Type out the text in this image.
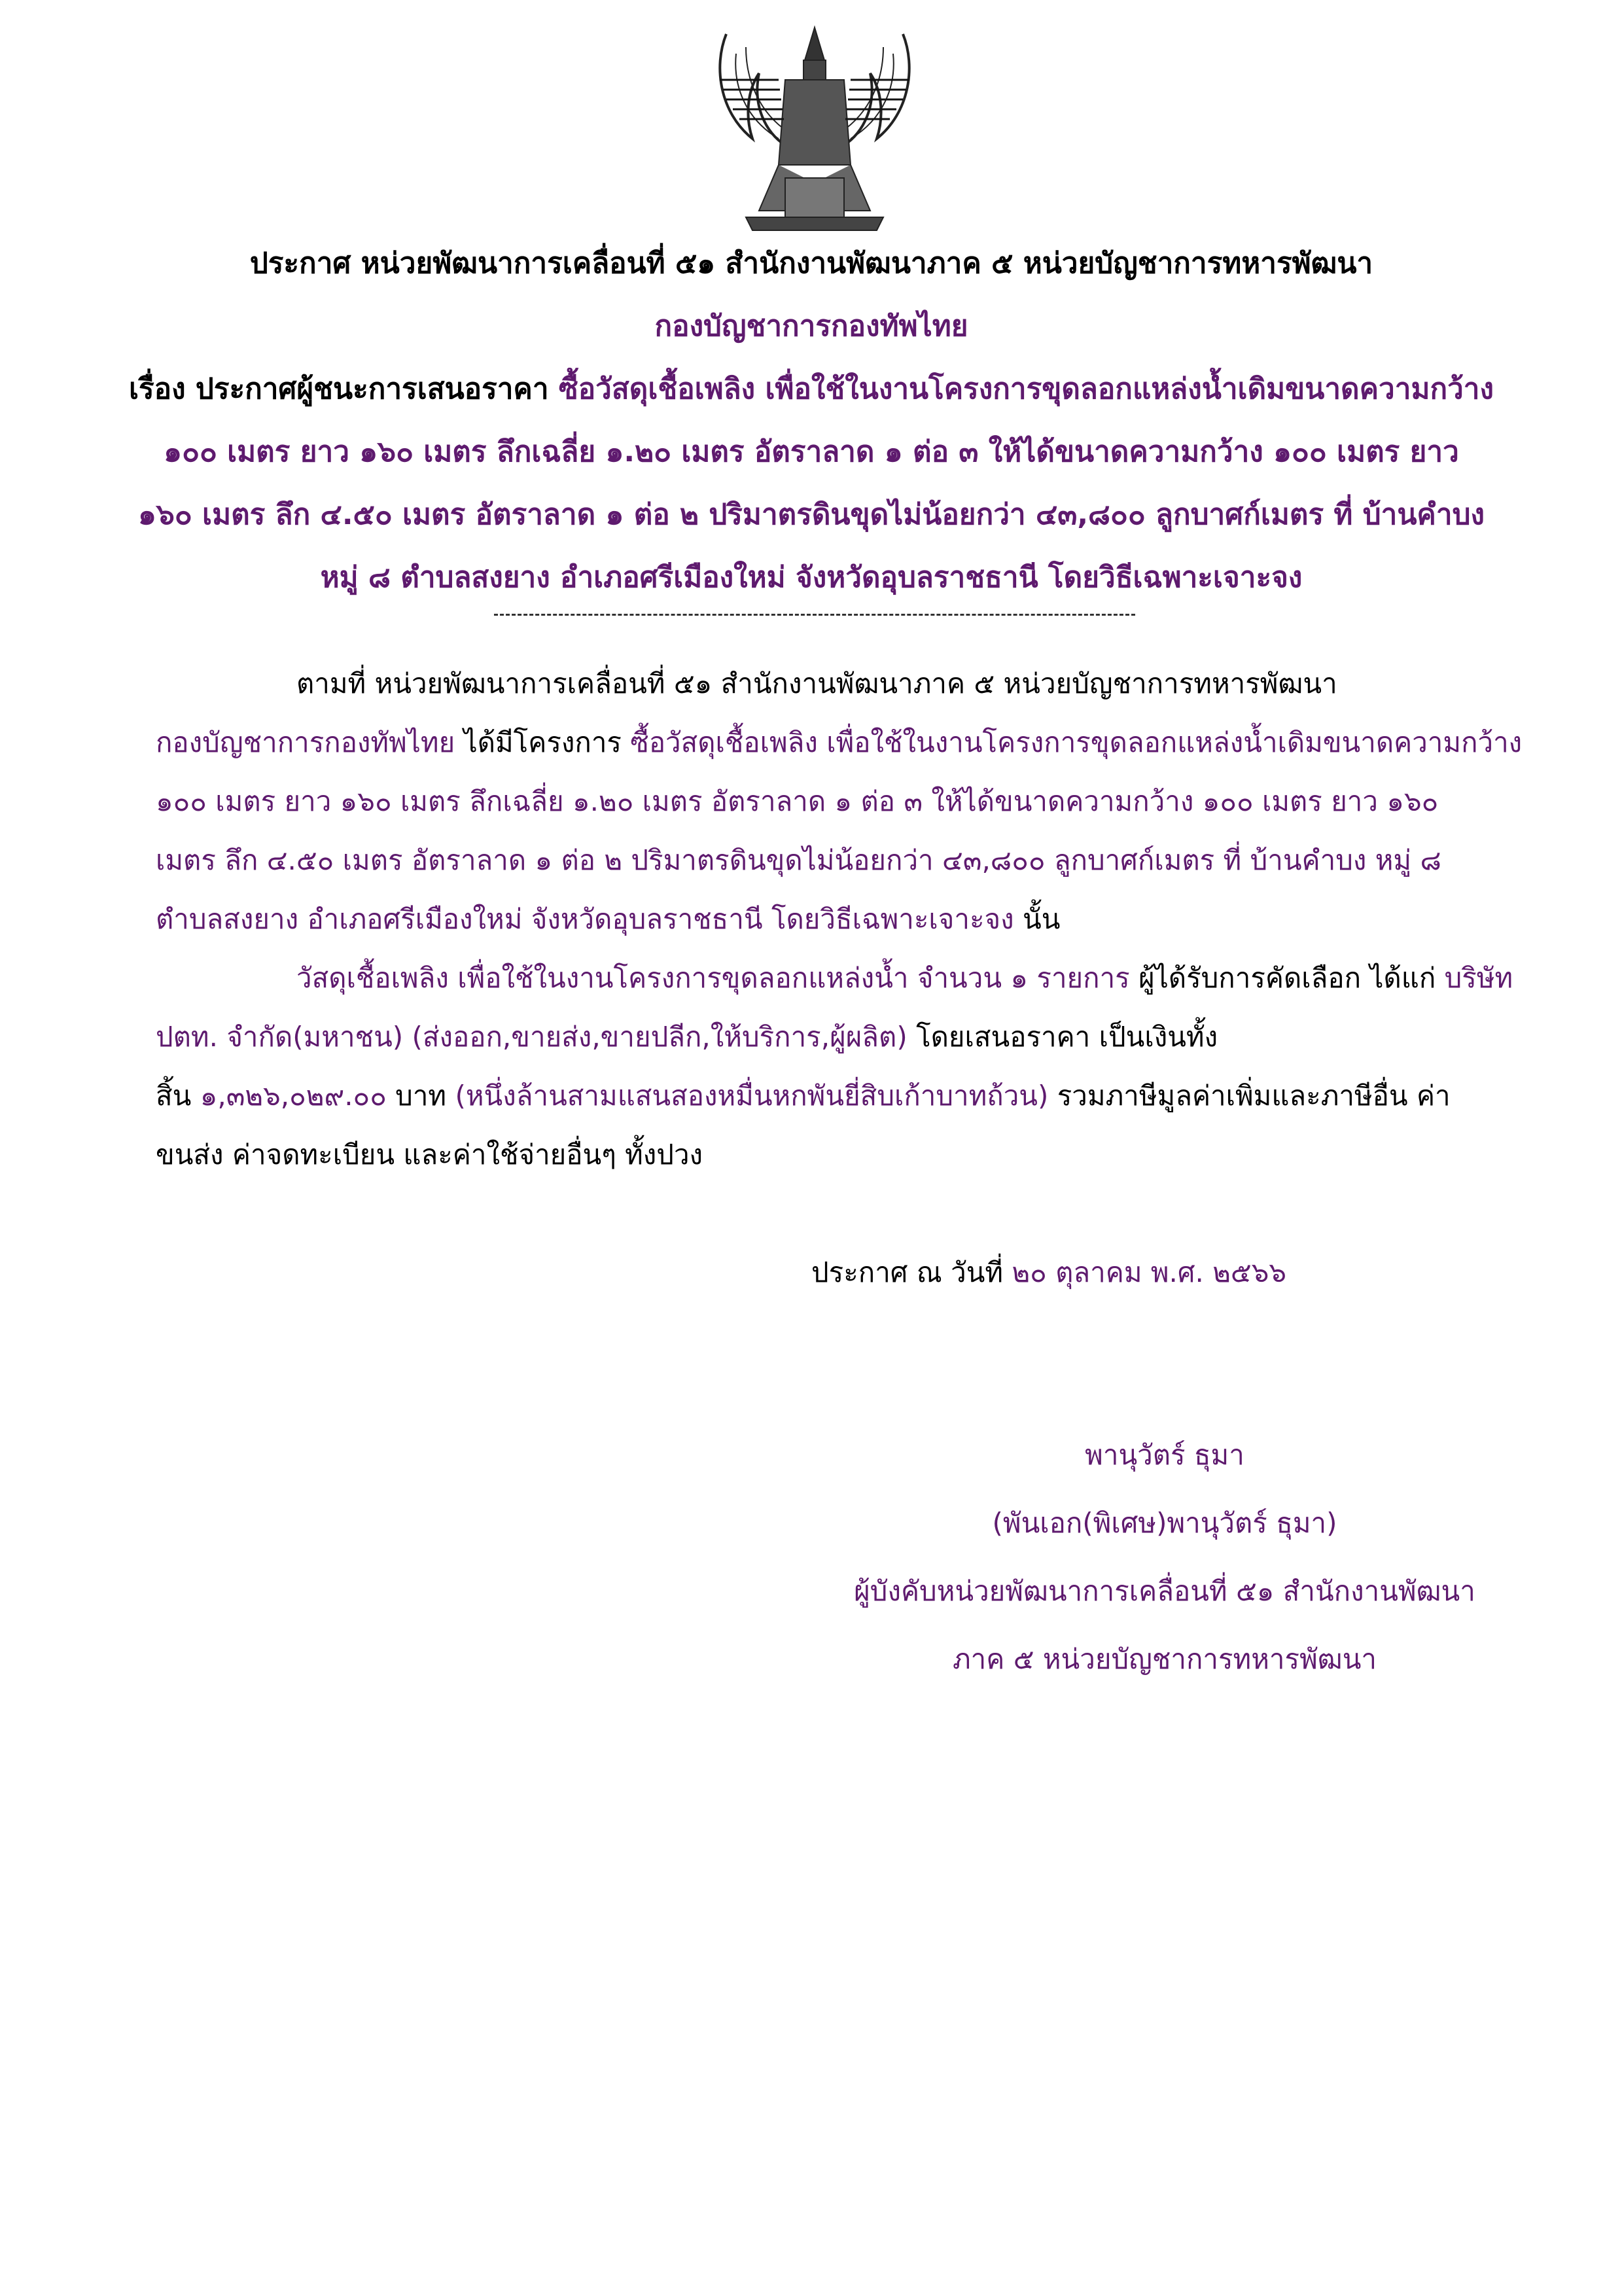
ประกาศ หน่วยพัฒนาการเคลื่อนที่ ๕๑ สำนักงานพัฒนาภาค ๕ หน่วยบัญชาการทหารพัฒนา

กองบัญชาการกองทัพไทย

เรื่อง ประกาศผู้ชนะการเสนอราคา ซื้อวัสดุเชื้อเพลิง เพื่อใช้ในงานโครงการขุดลอกแหล่งน้ำเดิมขนาดความกว้าง

๑๐๐ เมตร ยาว ๑๖๐ เมตร ลึกเฉลี่ย ๑.๒๐ เมตร อัตราลาด ๑ ต่อ ๓ ให้ได้ขนาดความกว้าง ๑๐๐ เมตร ยาว

๑๖๐ เมตร ลึก ๔.๕๐ เมตร อัตราลาด ๑ ต่อ ๒ ปริมาตรดินขุดไม่น้อยกว่า ๔๓,๘๐๐ ลูกบาศก์เมตร ที่ บ้านคำบง

หมู่ ๘ ตำบลสงยาง อำเภอศรีเมืองใหม่ จังหวัดอุบลราชธานี โดยวิธีเฉพาะเจาะจง

ตามที่ หน่วยพัฒนาการเคลื่อนที่ ๕๑ สำนักงานพัฒนาภาค ๕ หน่วยบัญชาการทหารพัฒนา

กองบัญชาการกองทัพไทย ได้มีโครงการ ซื้อวัสดุเชื้อเพลิง เพื่อใช้ในงานโครงการขุดลอกแหล่งน้ำเดิมขนาดความกว้าง

๑๐๐ เมตร ยาว ๑๖๐ เมตร ลึกเฉลี่ย ๑.๒๐ เมตร อัตราลาด ๑ ต่อ ๓ ให้ได้ขนาดความกว้าง ๑๐๐ เมตร ยาว ๑๖๐

เมตร ลึก ๔.๕๐ เมตร อัตราลาด ๑ ต่อ ๒ ปริมาตรดินขุดไม่น้อยกว่า ๔๓,๘๐๐ ลูกบาศก์เมตร ที่ บ้านคำบง หมู่ ๘

ตำบลสงยาง อำเภอศรีเมืองใหม่ จังหวัดอุบลราชธานี โดยวิธีเฉพาะเจาะจง นั้น

วัสดุเชื้อเพลิง เพื่อใช้ในงานโครงการขุดลอกแหล่งน้ำ จำนวน ๑ รายการ ผู้ได้รับการคัดเลือก ได้แก่ บริษัท

ปตท. จำกัด(มหาชน) (ส่งออก,ขายส่ง,ขายปลีก,ให้บริการ,ผู้ผลิต) โดยเสนอราคา เป็นเงินทั้ง

สิ้น ๑,๓๒๖,๐๒๙.๐๐ บาท (หนึ่งล้านสามแสนสองหมื่นหกพันยี่สิบเก้าบาทถ้วน) รวมภาษีมูลค่าเพิ่มและภาษีอื่น ค่า

ขนส่ง ค่าจดทะเบียน และค่าใช้จ่ายอื่นๆ ทั้งปวง

ประกาศ ณ วันที่ ๒๐ ตุลาคม พ.ศ. ๒๕๖๖

พานุวัตร์ ธุมา

(พันเอก(พิเศษ)พานุวัตร์ ธุมา)

ผู้บังคับหน่วยพัฒนาการเคลื่อนที่ ๕๑ สำนักงานพัฒนา

ภาค ๕ หน่วยบัญชาการทหารพัฒนา
